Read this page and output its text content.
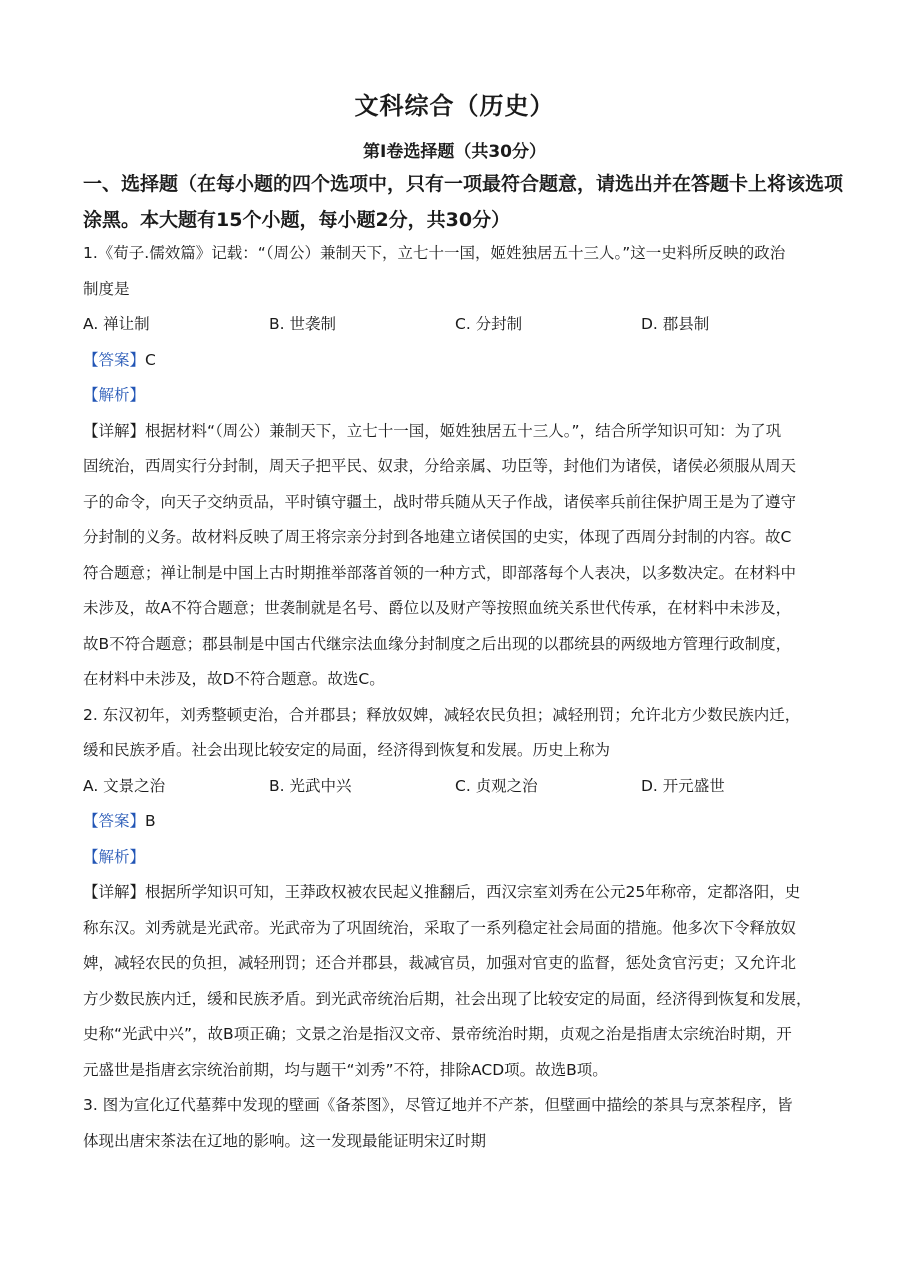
文科综合（历史）
第Ⅰ卷选择题（共30分）
一、选择题（在每小题的四个选项中，只有一项最符合题意，请选出并在答题卡上将该选项
涂黑。本大题有15个小题，每小题2分，共30分）

1.《荀子.儒效篇》记载：“（周公）兼制天下，立七十一国，姬姓独居五十三人。”这一史料所反映的政治

制度是

A. 禅让制	B. 世袭制	C. 分封制	D. 郡县制

【答案】C

【解析】

【详解】根据材料“（周公）兼制天下，立七十一国，姬姓独居五十三人。”，结合所学知识可知：为了巩

固统治，西周实行分封制，周天子把平民、奴隶，分给亲属、功臣等，封他们为诸侯，诸侯必须服从周天

子的命令，向天子交纳贡品，平时镇守疆土，战时带兵随从天子作战，诸侯率兵前往保护周王是为了遵守

分封制的义务。故材料反映了周王将宗亲分封到各地建立诸侯国的史实，体现了西周分封制的内容。故C

符合题意；禅让制是中国上古时期推举部落首领的一种方式，即部落每个人表决，以多数决定。在材料中

未涉及，故A不符合题意；世袭制就是名号、爵位以及财产等按照血统关系世代传承，在材料中未涉及，

故B不符合题意；郡县制是中国古代继宗法血缘分封制度之后出现的以郡统县的两级地方管理行政制度，

在材料中未涉及，故D不符合题意。故选C。

2. 东汉初年，刘秀整顿吏治，合并郡县；释放奴婢，减轻农民负担；减轻刑罚；允许北方少数民族内迁，

缓和民族矛盾。社会出现比较安定的局面，经济得到恢复和发展。历史上称为

A. 文景之治	B. 光武中兴	C. 贞观之治	D. 开元盛世

【答案】B

【解析】

【详解】根据所学知识可知，王莽政权被农民起义推翻后，西汉宗室刘秀在公元25年称帝，定都洛阳，史

称东汉。刘秀就是光武帝。光武帝为了巩固统治，采取了一系列稳定社会局面的措施。他多次下令释放奴

婢，减轻农民的负担，减轻刑罚；还合并郡县，裁减官员，加强对官吏的监督，惩处贪官污吏；又允许北

方少数民族内迁，缓和民族矛盾。到光武帝统治后期，社会出现了比较安定的局面，经济得到恢复和发展，

史称“光武中兴”，故B项正确；文景之治是指汉文帝、景帝统治时期，贞观之治是指唐太宗统治时期，开

元盛世是指唐玄宗统治前期，均与题干“刘秀”不符，排除ACD项。故选B项。

3. 图为宣化辽代墓葬中发现的壁画《备茶图》，尽管辽地并不产茶，但壁画中描绘的茶具与烹茶程序，皆

体现出唐宋茶法在辽地的影响。这一发现最能证明宋辽时期
